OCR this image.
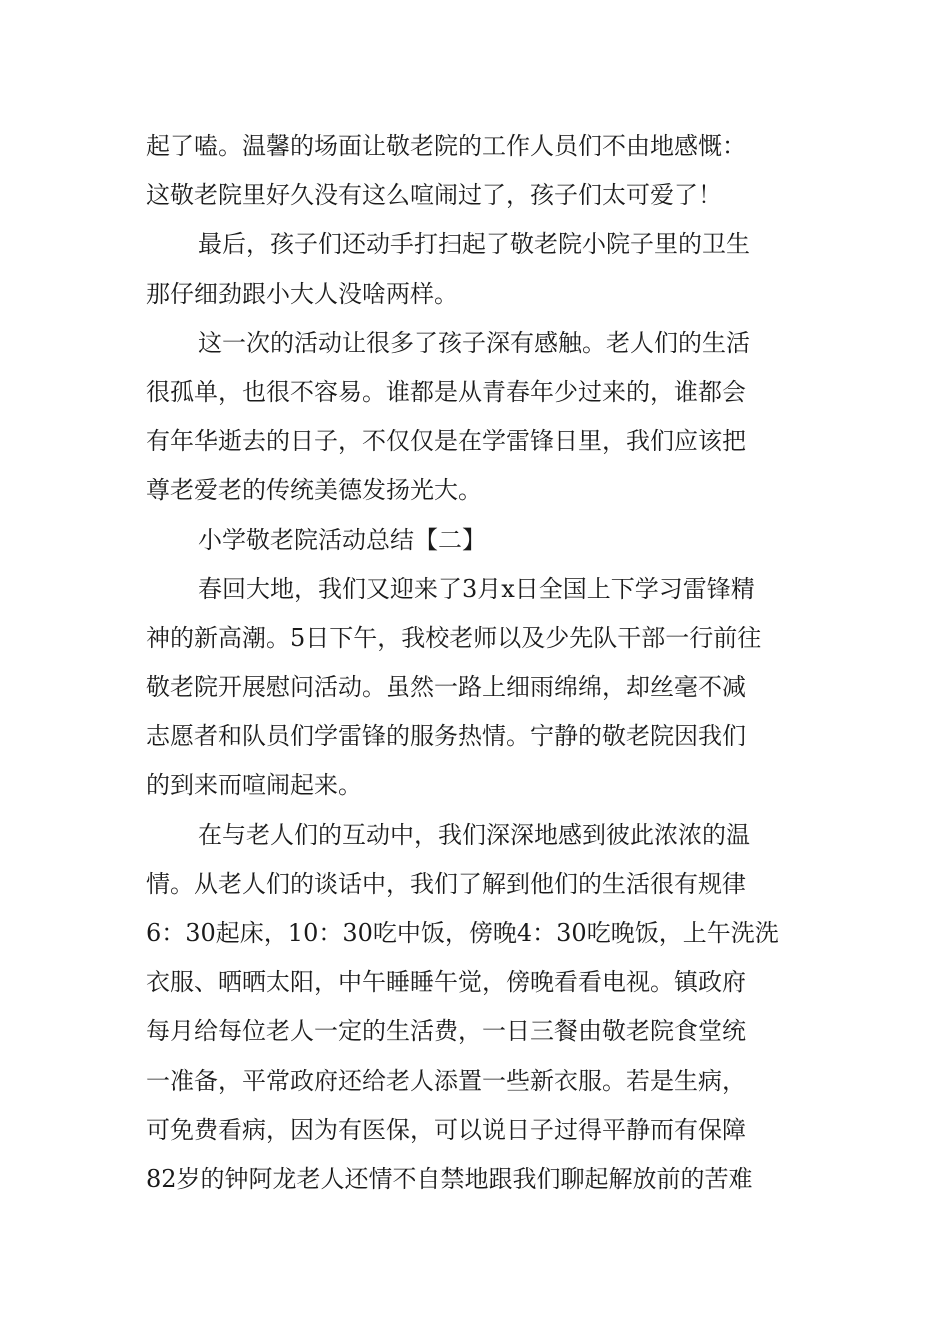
起了嗑。温馨的场面让敬老院的工作人员们不由地感慨：
这敬老院里好久没有这么喧闹过了，孩子们太可爱了！
最后，孩子们还动手打扫起了敬老院小院子里的卫生
那仔细劲跟小大人没啥两样。
这一次的活动让很多了孩子深有感触。老人们的生活
很孤单，也很不容易。谁都是从青春年少过来的，谁都会
有年华逝去的日子，不仅仅是在学雷锋日里，我们应该把
尊老爱老的传统美德发扬光大。
小学敬老院活动总结【二】
春回大地，我们又迎来了3月x日全国上下学习雷锋精
神的新高潮。5日下午，我校老师以及少先队干部一行前往
敬老院开展慰问活动。虽然一路上细雨绵绵，却丝毫不减
志愿者和队员们学雷锋的服务热情。宁静的敬老院因我们
的到来而喧闹起来。
在与老人们的互动中，我们深深地感到彼此浓浓的温
情。从老人们的谈话中，我们了解到他们的生活很有规律
6：30起床，10：30吃中饭，傍晚4：30吃晚饭，上午洗洗
衣服、晒晒太阳，中午睡睡午觉，傍晚看看电视。镇政府
每月给每位老人一定的生活费，一日三餐由敬老院食堂统
一准备，平常政府还给老人添置一些新衣服。若是生病，
可免费看病，因为有医保，可以说日子过得平静而有保障
82岁的钟阿龙老人还情不自禁地跟我们聊起解放前的苦难
